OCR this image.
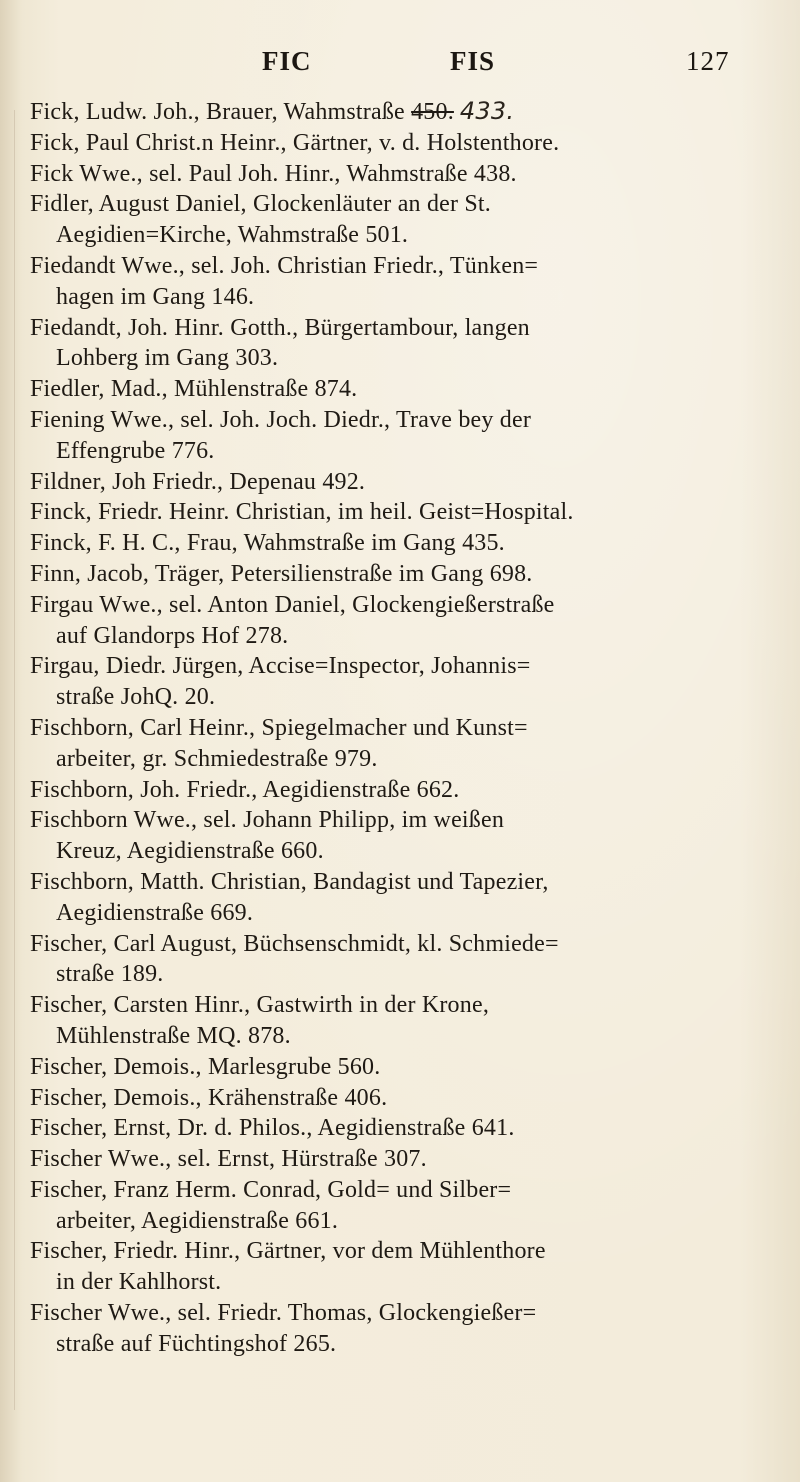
FIC	FIS	127

Fick, Ludw. Joh., Brauer, Wahmstraße 450. 433.

Fick, Paul Christ.n Heinr., Gärtner, v. d. Holstenthore.

Fick Wwe., sel. Paul Joh. Hinr., Wahmstraße 438.

Fidler, August Daniel, Glockenläuter an der St.
Aegidien=Kirche, Wahmstraße 501.

Fiedandt Wwe., sel. Joh. Christian Friedr., Tünken=
hagen im Gang 146.

Fiedandt, Joh. Hinr. Gotth., Bürgertambour, langen
Lohberg im Gang 303.

Fiedler, Mad., Mühlenstraße 874.

Fiening Wwe., sel. Joh. Joch. Diedr., Trave bey der
Effengrube 776.

Fildner, Joh Friedr., Depenau 492.

Finck, Friedr. Heinr. Christian, im heil. Geist=Hospital.

Finck, F. H. C., Frau, Wahmstraße im Gang 435.

Finn, Jacob, Träger, Petersilienstraße im Gang 698.

Firgau Wwe., sel. Anton Daniel, Glockengießerstraße
auf Glandorps Hof 278.

Firgau, Diedr. Jürgen, Accise=Inspector, Johannis=
straße JohQ. 20.

Fischborn, Carl Heinr., Spiegelmacher und Kunst=
arbeiter, gr. Schmiedestraße 979.

Fischborn, Joh. Friedr., Aegidienstraße 662.

Fischborn Wwe., sel. Johann Philipp, im weißen
Kreuz, Aegidienstraße 660.

Fischborn, Matth. Christian, Bandagist und Tapezier,
Aegidienstraße 669.

Fischer, Carl August, Büchsenschmidt, kl. Schmiede=
straße 189.

Fischer, Carsten Hinr., Gastwirth in der Krone,
Mühlenstraße MQ. 878.

Fischer, Demois., Marlesgrube 560.

Fischer, Demois., Krähenstraße 406.

Fischer, Ernst, Dr. d. Philos., Aegidienstraße 641.

Fischer Wwe., sel. Ernst, Hürstraße 307.

Fischer, Franz Herm. Conrad, Gold= und Silber=
arbeiter, Aegidienstraße 661.

Fischer, Friedr. Hinr., Gärtner, vor dem Mühlenthore
in der Kahlhorst.

Fischer Wwe., sel. Friedr. Thomas, Glockengießer=
straße auf Füchtingshof 265.
